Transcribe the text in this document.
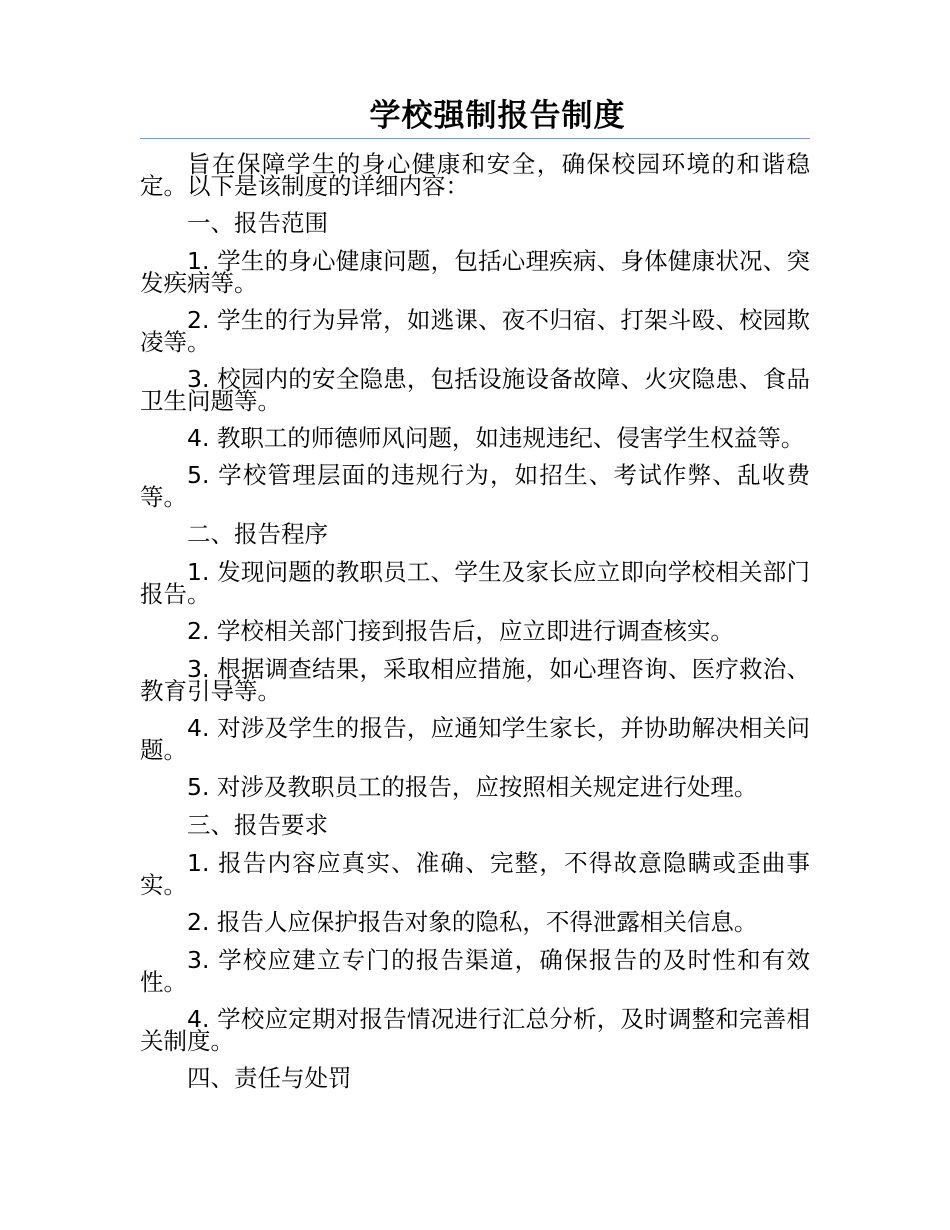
学校强制报告制度

旨在保障学生的身心健康和安全，确保校园环境的和谐稳定。以下是该制度的详细内容：

一、报告范围

1. 学生的身心健康问题，包括心理疾病、身体健康状况、突发疾病等。

2. 学生的行为异常，如逃课、夜不归宿、打架斗殴、校园欺凌等。

3. 校园内的安全隐患，包括设施设备故障、火灾隐患、食品卫生问题等。

4. 教职工的师德师风问题，如违规违纪、侵害学生权益等。

5. 学校管理层面的违规行为，如招生、考试作弊、乱收费等。

二、报告程序

1. 发现问题的教职员工、学生及家长应立即向学校相关部门报告。

2. 学校相关部门接到报告后，应立即进行调查核实。

3. 根据调查结果，采取相应措施，如心理咨询、医疗救治、教育引导等。

4. 对涉及学生的报告，应通知学生家长，并协助解决相关问题。

5. 对涉及教职员工的报告，应按照相关规定进行处理。

三、报告要求

1. 报告内容应真实、准确、完整，不得故意隐瞒或歪曲事实。

2. 报告人应保护报告对象的隐私，不得泄露相关信息。

3. 学校应建立专门的报告渠道，确保报告的及时性和有效性。

4. 学校应定期对报告情况进行汇总分析，及时调整和完善相关制度。

四、责任与处罚
